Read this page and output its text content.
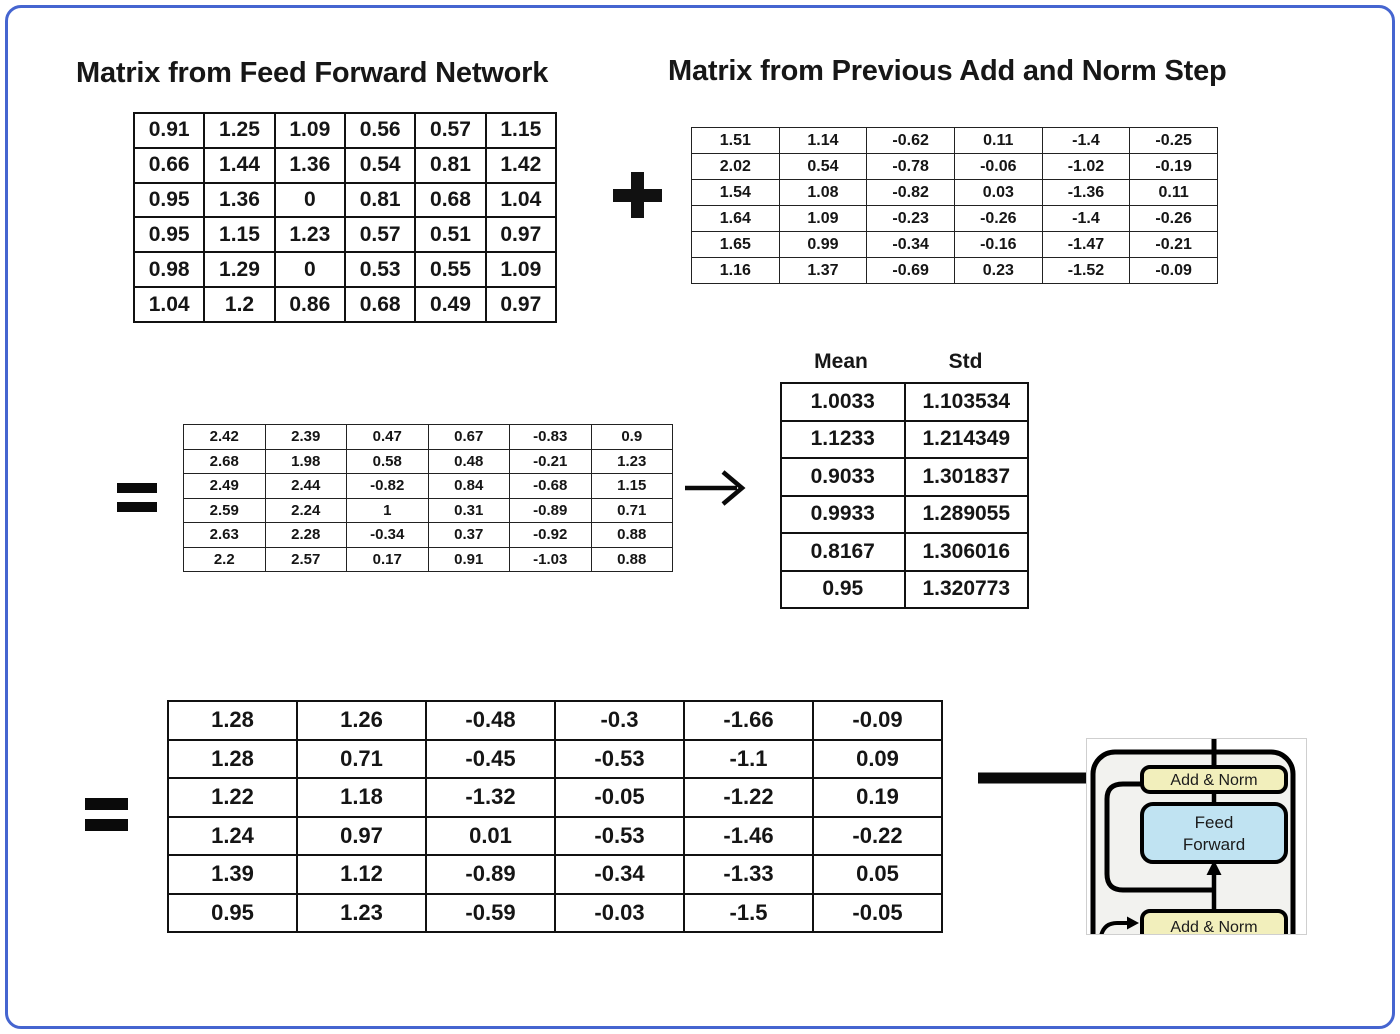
Matrix from Feed Forward Network	Matrix from Previous Add and Norm Step
0.91	1.25	1.09	0.56	0.57	1.15
0.66	1.44	1.36	0.54	0.81	1.42
0.95	1.36	0	0.81	0.68	1.04
0.95	1.15	1.23	0.57	0.51	0.97
0.98	1.29	0	0.53	0.55	1.09
1.04	1.2	0.86	0.68	0.49	0.97
1.51	1.14	-0.62	0.11	-1.4	-0.25
2.02	0.54	-0.78	-0.06	-1.02	-0.19
1.54	1.08	-0.82	0.03	-1.36	0.11
1.64	1.09	-0.23	-0.26	-1.4	-0.26
1.65	0.99	-0.34	-0.16	-1.47	-0.21
1.16	1.37	-0.69	0.23	-1.52	-0.09
2.42	2.39	0.47	0.67	-0.83	0.9
2.68	1.98	0.58	0.48	-0.21	1.23
2.49	2.44	-0.82	0.84	-0.68	1.15
2.59	2.24	1	0.31	-0.89	0.71
2.63	2.28	-0.34	0.37	-0.92	0.88
2.2	2.57	0.17	0.91	-1.03	0.88
Mean	Std
1.0033	1.103534
1.1233	1.214349
0.9033	1.301837
0.9933	1.289055
0.8167	1.306016
0.95	1.320773
1.28	1.26	-0.48	-0.3	-1.66	-0.09
1.28	0.71	-0.45	-0.53	-1.1	0.09
1.22	1.18	-1.32	-0.05	-1.22	0.19
1.24	0.97	0.01	-0.53	-1.46	-0.22
1.39	1.12	-0.89	-0.34	-1.33	0.05
0.95	1.23	-0.59	-0.03	-1.5	-0.05
Add & Norm
Feed
Forward
Add & Norm
